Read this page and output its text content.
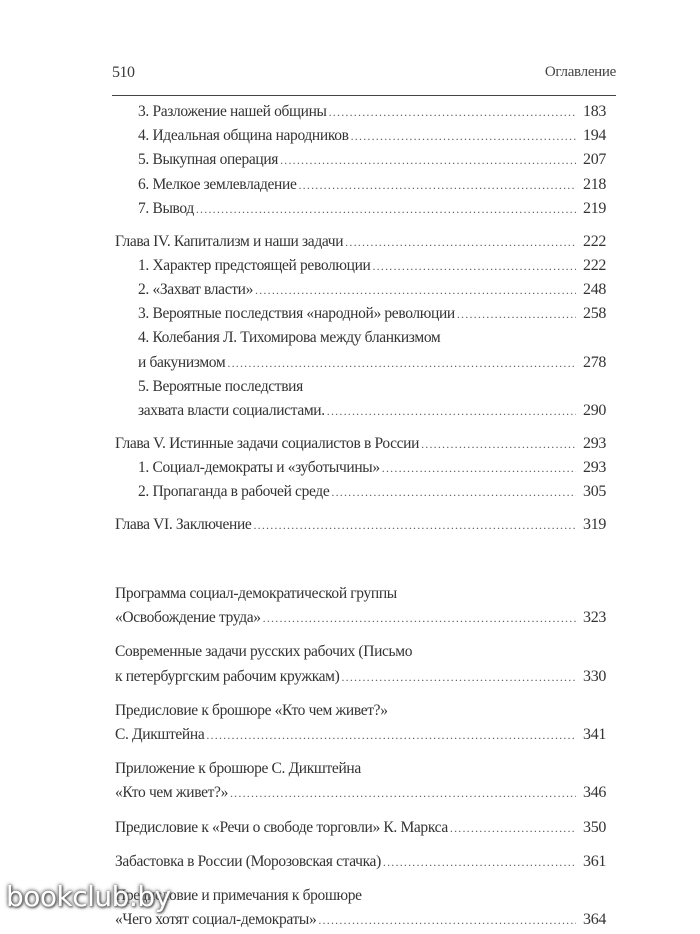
510	Оглавление
3. Разложение нашей общины .....	183
4. Идеальная община народников .....	194
5. Выкупная операция .....	207
6. Мелкое землевладение .....	218
7. Вывод .....	219
Глава IV. Капитализм и наши задачи .....	222
1. Характер предстоящей революции .....	222
2. «Захват власти» .....	248
3. Вероятные последствия «народной» революции .....	258
4. Колебания Л. Тихомирова между бланкизмом
и бакунизмом .....	278
5. Вероятные последствия
захвата власти социалистами. .....	290
Глава V. Истинные задачи социалистов в России .....	293
1. Социал-демократы и «зуботычины» .....	293
2. Пропаганда в рабочей среде .....	305
Глава VI. Заключение .....	319
Программа социал-демократической группы
«Освобождение труда» .....	323
Современные задачи русских рабочих (Письмо
к петербургским рабочим кружкам) .....	330
Предисловие к брошюре «Кто чем живет?»
С. Дикштейна .....	341
Приложение к брошюре С. Дикштейна
«Кто чем живет?» .....	346
Предисловие к «Речи о свободе торговли» К. Маркса .....	350
Забастовка в России (Морозовская стачка) .....	361
Предисловие и примечания к брошюре
«Чего хотят социал-демократы» .....	364
bookclub.by
